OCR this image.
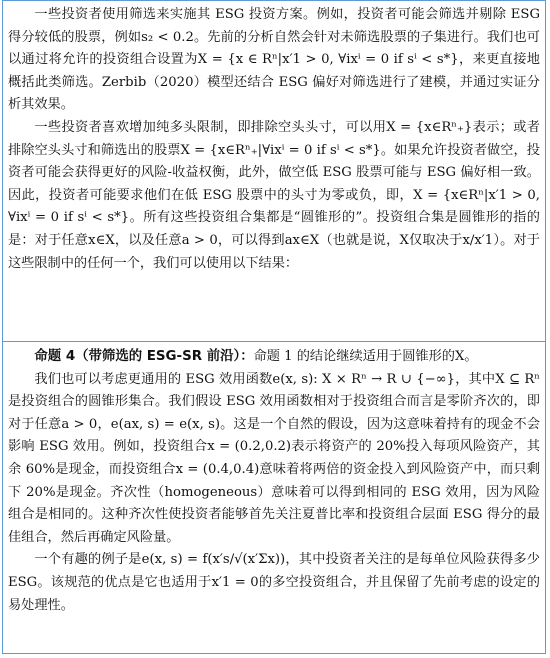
一些投资者使用筛选来实施其 ESG 投资方案。例如，投资者可能会筛选并剔除 ESG 得分较低的股票，例如s₂ < 0.2。先前的分析自然会针对未筛选股票的子集进行。我们也可以通过将允许的投资组合设置为X = {x ∈ Rⁿ|x′1 > 0, ∀ixⁱ = 0 if sⁱ < s*}，来更直接地概括此类筛选。Zerbib（2020）模型还结合 ESG 偏好对筛选进行了建模，并通过实证分析其效果。

一些投资者喜欢增加纯多头限制，即排除空头头寸，可以用X = {x∈Rⁿ₊}表示；或者排除空头头寸和筛选出的股票X = {x∈Rⁿ₊|∀ixⁱ = 0 if sⁱ < s*}。如果允许投资者做空，投资者可能会获得更好的风险-收益权衡，此外，做空低 ESG 股票可能与 ESG 偏好相一致。因此，投资者可能要求他们在低 ESG 股票中的头寸为零或负，即，X = {x∈Rⁿ|x′1 > 0, ∀ixⁱ = 0 if sⁱ < s*}。所有这些投资组合集都是“圆锥形的”。投资组合集是圆锥形的指的是：对于任意x∈X，以及任意a > 0，可以得到ax∈X（也就是说，X仅取决于x/x′1）。对于这些限制中的任何一个，我们可以使用以下结果：

命题 4（带筛选的 ESG-SR 前沿）：命题 1 的结论继续适用于圆锥形的X。

我们也可以考虑更通用的 ESG 效用函数e(x, s): X × Rⁿ → R ∪ {−∞}，其中X ⊆ Rⁿ是投资组合的圆锥形集合。我们假设 ESG 效用函数相对于投资组合而言是零阶齐次的，即对于任意a > 0，e(ax, s) = e(x, s)。这是一个自然的假设，因为这意味着持有的现金不会影响 ESG 效用。例如，投资组合x = (0.2,0.2)表示将资产的 20%投入每项风险资产，其余 60%是现金，而投资组合x = (0.4,0.4)意味着将两倍的资金投入到风险资产中，而只剩下 20%是现金。齐次性（homogeneous）意味着可以得到相同的 ESG 效用，因为风险组合是相同的。这种齐次性使投资者能够首先关注夏普比率和投资组合层面 ESG 得分的最佳组合，然后再确定风险量。

一个有趣的例子是e(x, s) = f(x′s/√(x′Σx))，其中投资者关注的是每单位风险获得多少 ESG。该规范的优点是它也适用于x′1 = 0的多空投资组合，并且保留了先前考虑的设定的易处理性。
